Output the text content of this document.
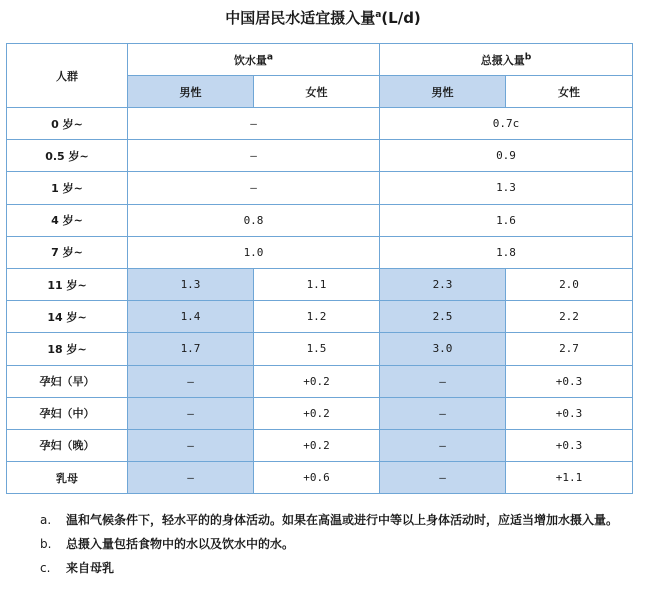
中国居民水适宜摄入量$^a$(L/d)
人群	饮水量$^a$		总摄入量$^b$
	男性	女性	男性	女性
0 岁~	—		0.7c	
0.5 岁~	—		0.9	
1 岁~	—		1.3	
4 岁~	0.8		1.6	
7 岁~	1.0		1.8	
11 岁~	1.3	1.1	2.3	2.0
14 岁~	1.4	1.2	2.5	2.2
18 岁~	1.7	1.5	3.0	2.7
孕妇（早）	—	+0.2	—	+0.3
孕妇（中）	—	+0.2	—	+0.3
孕妇（晚）	—	+0.2	—	+0.3
乳母	—	+0.6	—	+1.1
a.	温和气候条件下，轻水平的的身体活动。如果在高温或进行中等以上身体活动时，应适当增加水摄入量。
b.	总摄入量包括食物中的水以及饮水中的水。
c.	来自母乳
